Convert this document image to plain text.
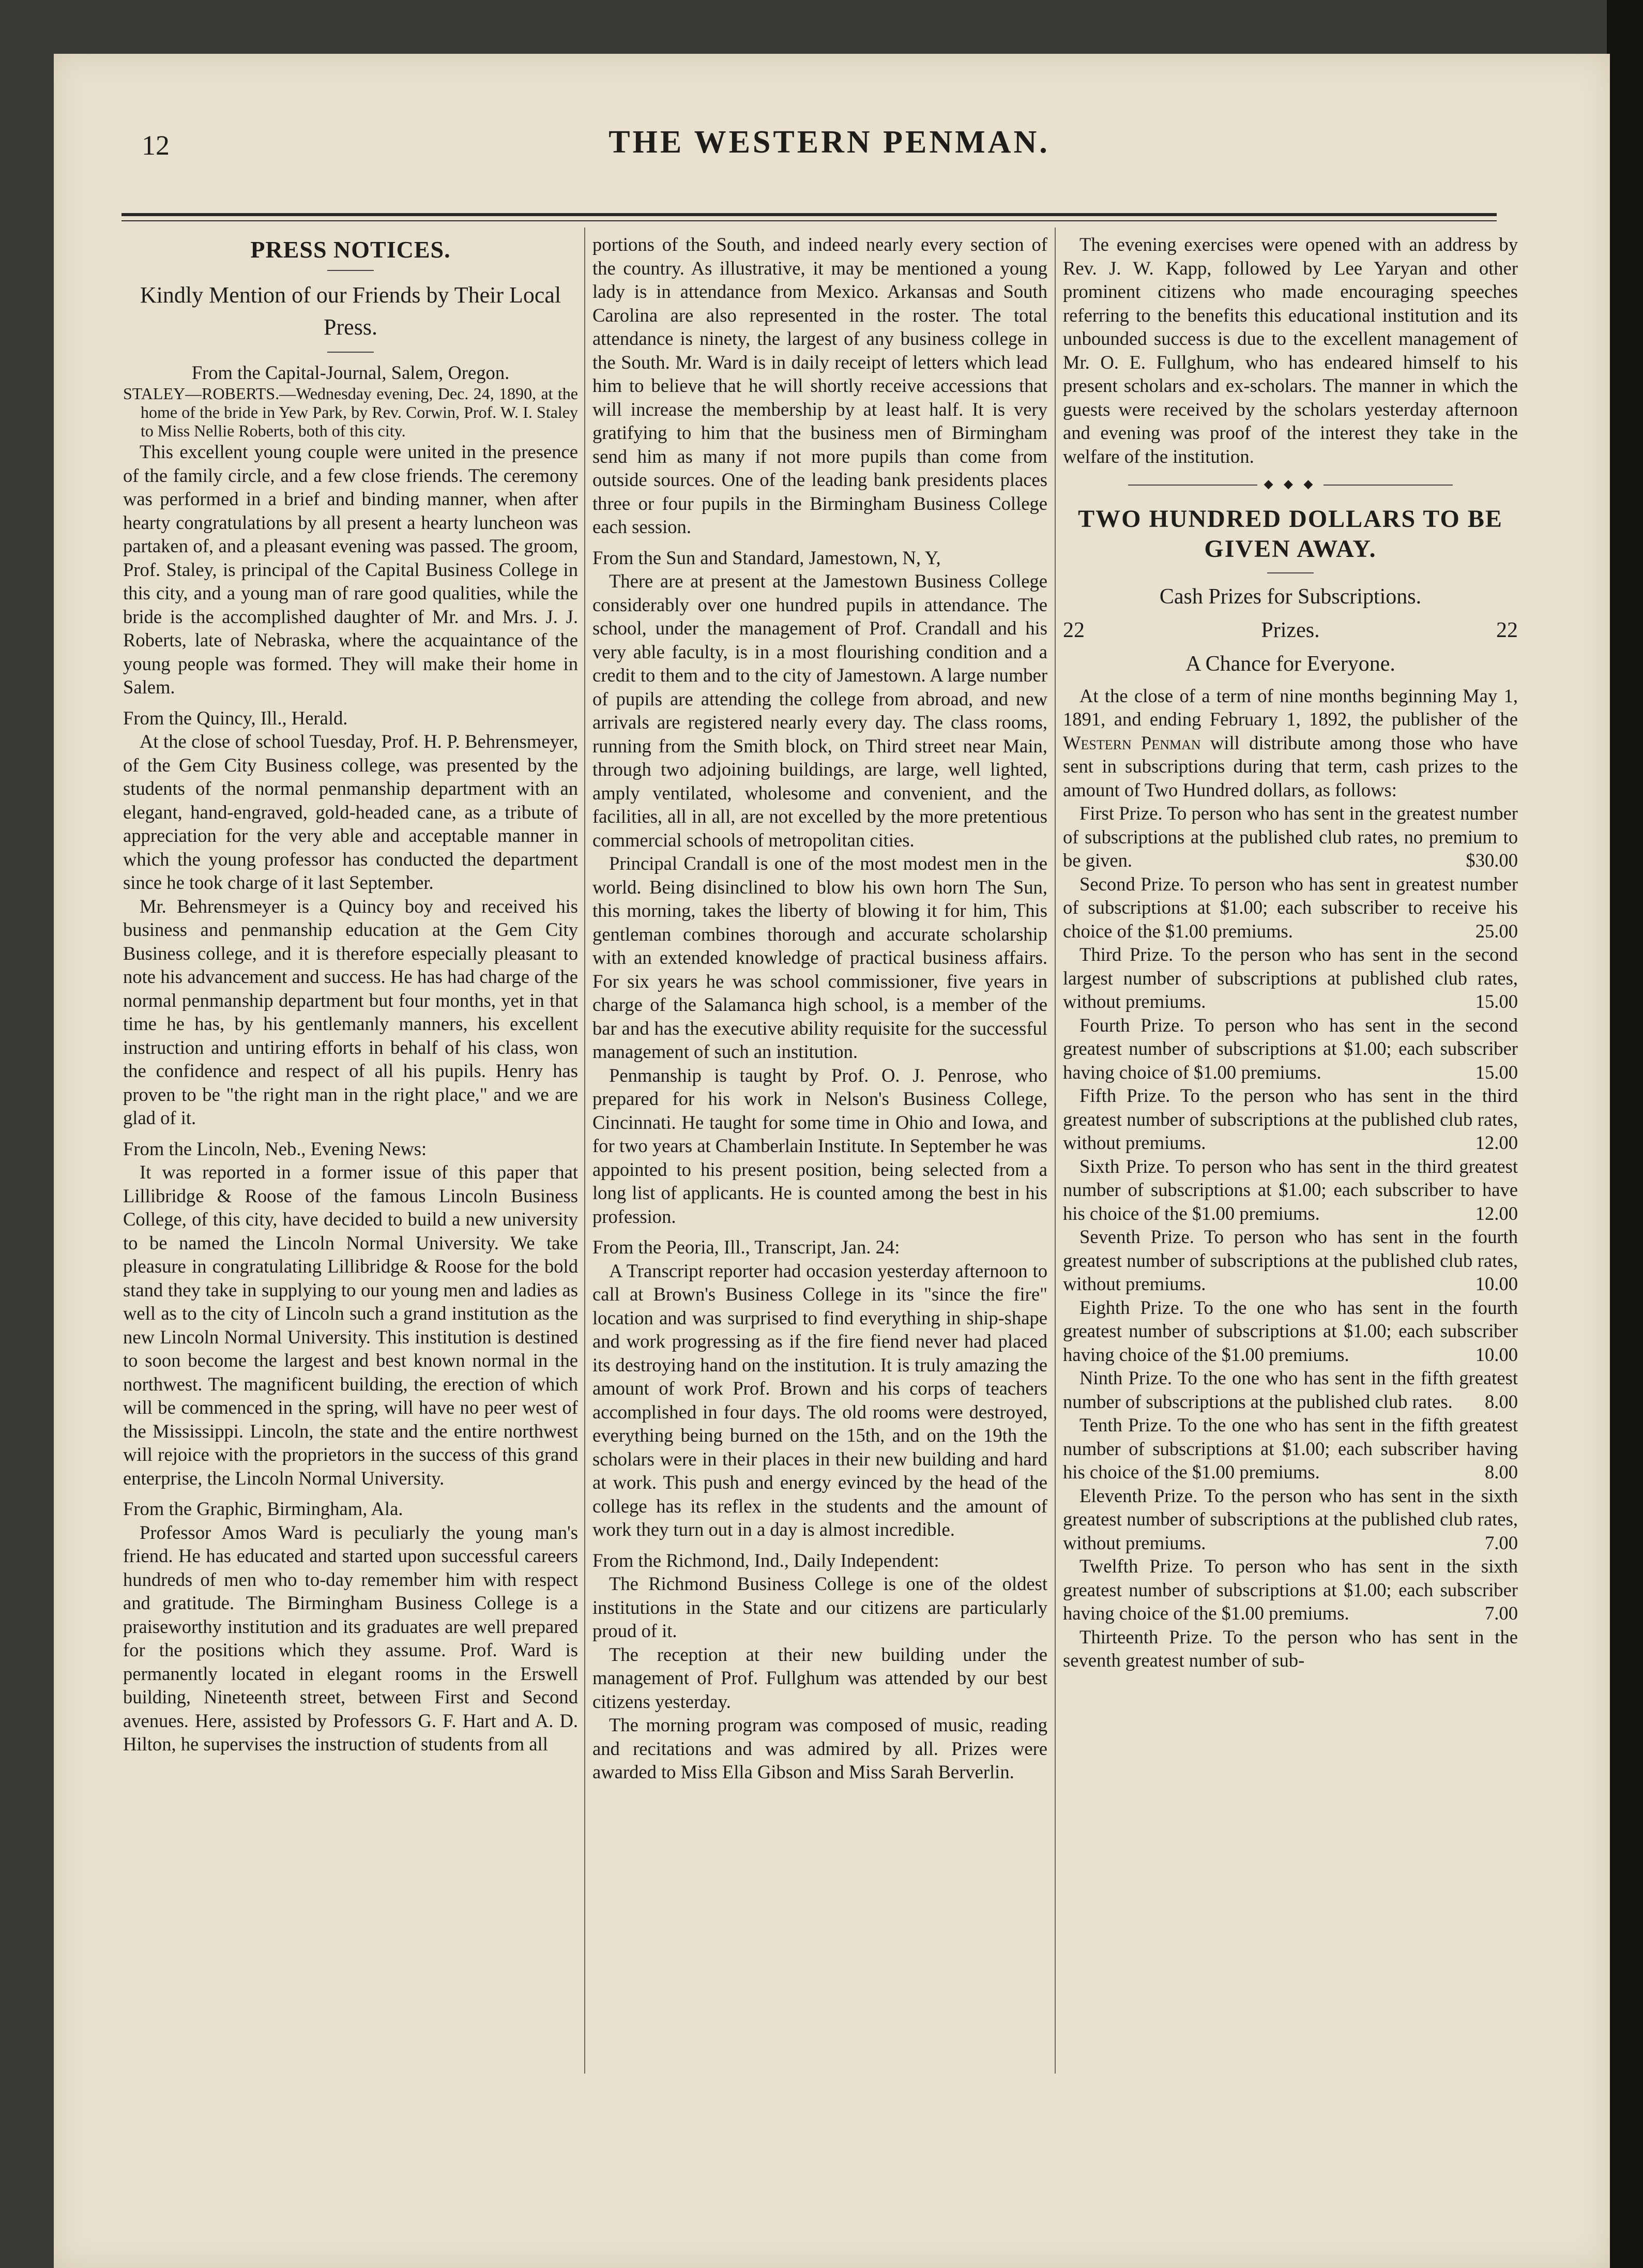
12	THE WESTERN PENMAN.
PRESS NOTICES.
Kindly Mention of our Friends by Their Local Press.

From the Capital-Journal, Salem, Oregon.

STALEY—ROBERTS.—Wednesday evening, Dec. 24, 1890, at the home of the bride in Yew Park, by Rev. Corwin, Prof. W. I. Staley to Miss Nellie Roberts, both of this city.

This excellent young couple were united in the presence of the family circle, and a few close friends. The ceremony was performed in a brief and binding manner, when after hearty congratulations by all present a hearty luncheon was partaken of, and a pleasant evening was passed. The groom, Prof. Staley, is principal of the Capital Business College in this city, and a young man of rare good qualities, while the bride is the accomplished daughter of Mr. and Mrs. J. J. Roberts, late of Nebraska, where the acquaintance of the young people was formed. They will make their home in Salem.

From the Quincy, Ill., Herald.

At the close of school Tuesday, Prof. H. P. Behrensmeyer, of the Gem City Business college, was presented by the students of the normal penmanship department with an elegant, hand-engraved, gold-headed cane, as a tribute of appreciation for the very able and acceptable manner in which the young professor has conducted the department since he took charge of it last September.

Mr. Behrensmeyer is a Quincy boy and received his business and penmanship education at the Gem City Business college, and it is therefore especially pleasant to note his advancement and success. He has had charge of the normal penmanship department but four months, yet in that time he has, by his gentlemanly manners, his excellent instruction and untiring efforts in behalf of his class, won the confidence and respect of all his pupils. Henry has proven to be "the right man in the right place," and we are glad of it.

From the Lincoln, Neb., Evening News:

It was reported in a former issue of this paper that Lillibridge & Roose of the famous Lincoln Business College, of this city, have decided to build a new university to be named the Lincoln Normal University. We take pleasure in congratulating Lillibridge & Roose for the bold stand they take in supplying to our young men and ladies as well as to the city of Lincoln such a grand institution as the new Lincoln Normal University. This institution is destined to soon become the largest and best known normal in the northwest. The magnificent building, the erection of which will be commenced in the spring, will have no peer west of the Mississippi. Lincoln, the state and the entire northwest will rejoice with the proprietors in the success of this grand enterprise, the Lincoln Normal University.

From the Graphic, Birmingham, Ala.

Professor Amos Ward is peculiarly the young man's friend. He has educated and started upon successful careers hundreds of men who to-day remember him with respect and gratitude. The Birmingham Business College is a praiseworthy institution and its graduates are well prepared for the positions which they assume. Prof. Ward is permanently located in elegant rooms in the Erswell building, Nineteenth street, between First and Second avenues. Here, assisted by Professors G. F. Hart and A. D. Hilton, he supervises the instruction of students from all

portions of the South, and indeed nearly every section of the country. As illustrative, it may be mentioned a young lady is in attendance from Mexico. Arkansas and South Carolina are also represented in the roster. The total attendance is ninety, the largest of any business college in the South. Mr. Ward is in daily receipt of letters which lead him to believe that he will shortly receive accessions that will increase the membership by at least half. It is very gratifying to him that the business men of Birmingham send him as many if not more pupils than come from outside sources. One of the leading bank presidents places three or four pupils in the Birmingham Business College each session.

From the Sun and Standard, Jamestown, N, Y,

There are at present at the Jamestown Business College considerably over one hundred pupils in attendance. The school, under the management of Prof. Crandall and his very able faculty, is in a most flourishing condition and a credit to them and to the city of Jamestown. A large number of pupils are attending the college from abroad, and new arrivals are registered nearly every day. The class rooms, running from the Smith block, on Third street near Main, through two adjoining buildings, are large, well lighted, amply ventilated, wholesome and convenient, and the facilities, all in all, are not excelled by the more pretentious commercial schools of metropolitan cities.

Principal Crandall is one of the most modest men in the world. Being disinclined to blow his own horn The Sun, this morning, takes the liberty of blowing it for him, This gentleman combines thorough and accurate scholarship with an extended knowledge of practical business affairs. For six years he was school commissioner, five years in charge of the Salamanca high school, is a member of the bar and has the executive ability requisite for the successful management of such an institution.

Penmanship is taught by Prof. O. J. Penrose, who prepared for his work in Nelson's Business College, Cincinnati. He taught for some time in Ohio and Iowa, and for two years at Chamberlain Institute. In September he was appointed to his present position, being selected from a long list of applicants. He is counted among the best in his profession.

From the Peoria, Ill., Transcript, Jan. 24:

A Transcript reporter had occasion yesterday afternoon to call at Brown's Business College in its "since the fire" location and was surprised to find everything in ship-shape and work progressing as if the fire fiend never had placed its destroying hand on the institution. It is truly amazing the amount of work Prof. Brown and his corps of teachers accomplished in four days. The old rooms were destroyed, everything being burned on the 15th, and on the 19th the scholars were in their places in their new building and hard at work. This push and energy evinced by the head of the college has its reflex in the students and the amount of work they turn out in a day is almost incredible.

From the Richmond, Ind., Daily Independent:

The Richmond Business College is one of the oldest institutions in the State and our citizens are particularly proud of it.

The reception at their new building under the management of Prof. Fullghum was attended by our best citizens yesterday.

The morning program was composed of music, reading and recitations and was admired by all. Prizes were awarded to Miss Ella Gibson and Miss Sarah Berverlin.

The evening exercises were opened with an address by Rev. J. W. Kapp, followed by Lee Yaryan and other prominent citizens who made encouraging speeches referring to the benefits this educational institution and its unbounded success is due to the excellent management of Mr. O. E. Fullghum, who has endeared himself to his present scholars and ex-scholars. The manner in which the guests were received by the scholars yesterday afternoon and evening was proof of the interest they take in the welfare of the institution.

◆ ◆ ◆
TWO HUNDRED DOLLARS TO BE GIVEN AWAY.
Cash Prizes for Subscriptions.
22	Prizes.	22
A Chance for Everyone.

At the close of a term of nine months beginning May 1, 1891, and ending February 1, 1892, the publisher of the Western Penman will distribute among those who have sent in subscriptions during that term, cash prizes to the amount of Two Hundred dollars, as follows:

First Prize. To person who has sent in the greatest number of subscriptions at the published club rates, no premium to be given.	$30.00

Second Prize. To person who has sent in greatest number of subscriptions at $1.00; each subscriber to receive his choice of the $1.00 premiums.	25.00

Third Prize. To the person who has sent in the second largest number of subscriptions at published club rates, without premiums.	15.00

Fourth Prize. To person who has sent in the second greatest number of subscriptions at $1.00; each subscriber having choice of $1.00 premiums.	15.00

Fifth Prize. To the person who has sent in the third greatest number of subscriptions at the published club rates, without premiums.	12.00

Sixth Prize. To person who has sent in the third greatest number of subscriptions at $1.00; each subscriber to have his choice of the $1.00 premiums.	12.00

Seventh Prize. To person who has sent in the fourth greatest number of subscriptions at the published club rates, without premiums.	10.00

Eighth Prize. To the one who has sent in the fourth greatest number of subscriptions at $1.00; each subscriber having choice of the $1.00 premiums.	10.00

Ninth Prize. To the one who has sent in the fifth greatest number of subscriptions at the published club rates. 8.00

Tenth Prize. To the one who has sent in the fifth greatest number of subscriptions at $1.00; each subscriber having his choice of the $1.00 premiums.	8.00

Eleventh Prize. To the person who has sent in the sixth greatest number of subscriptions at the published club rates, without premiums.	7.00

Twelfth Prize. To person who has sent in the sixth greatest number of subscriptions at $1.00; each subscriber having choice of the $1.00 premiums.	7.00

Thirteenth Prize. To the person who has sent in the seventh greatest number of sub-
